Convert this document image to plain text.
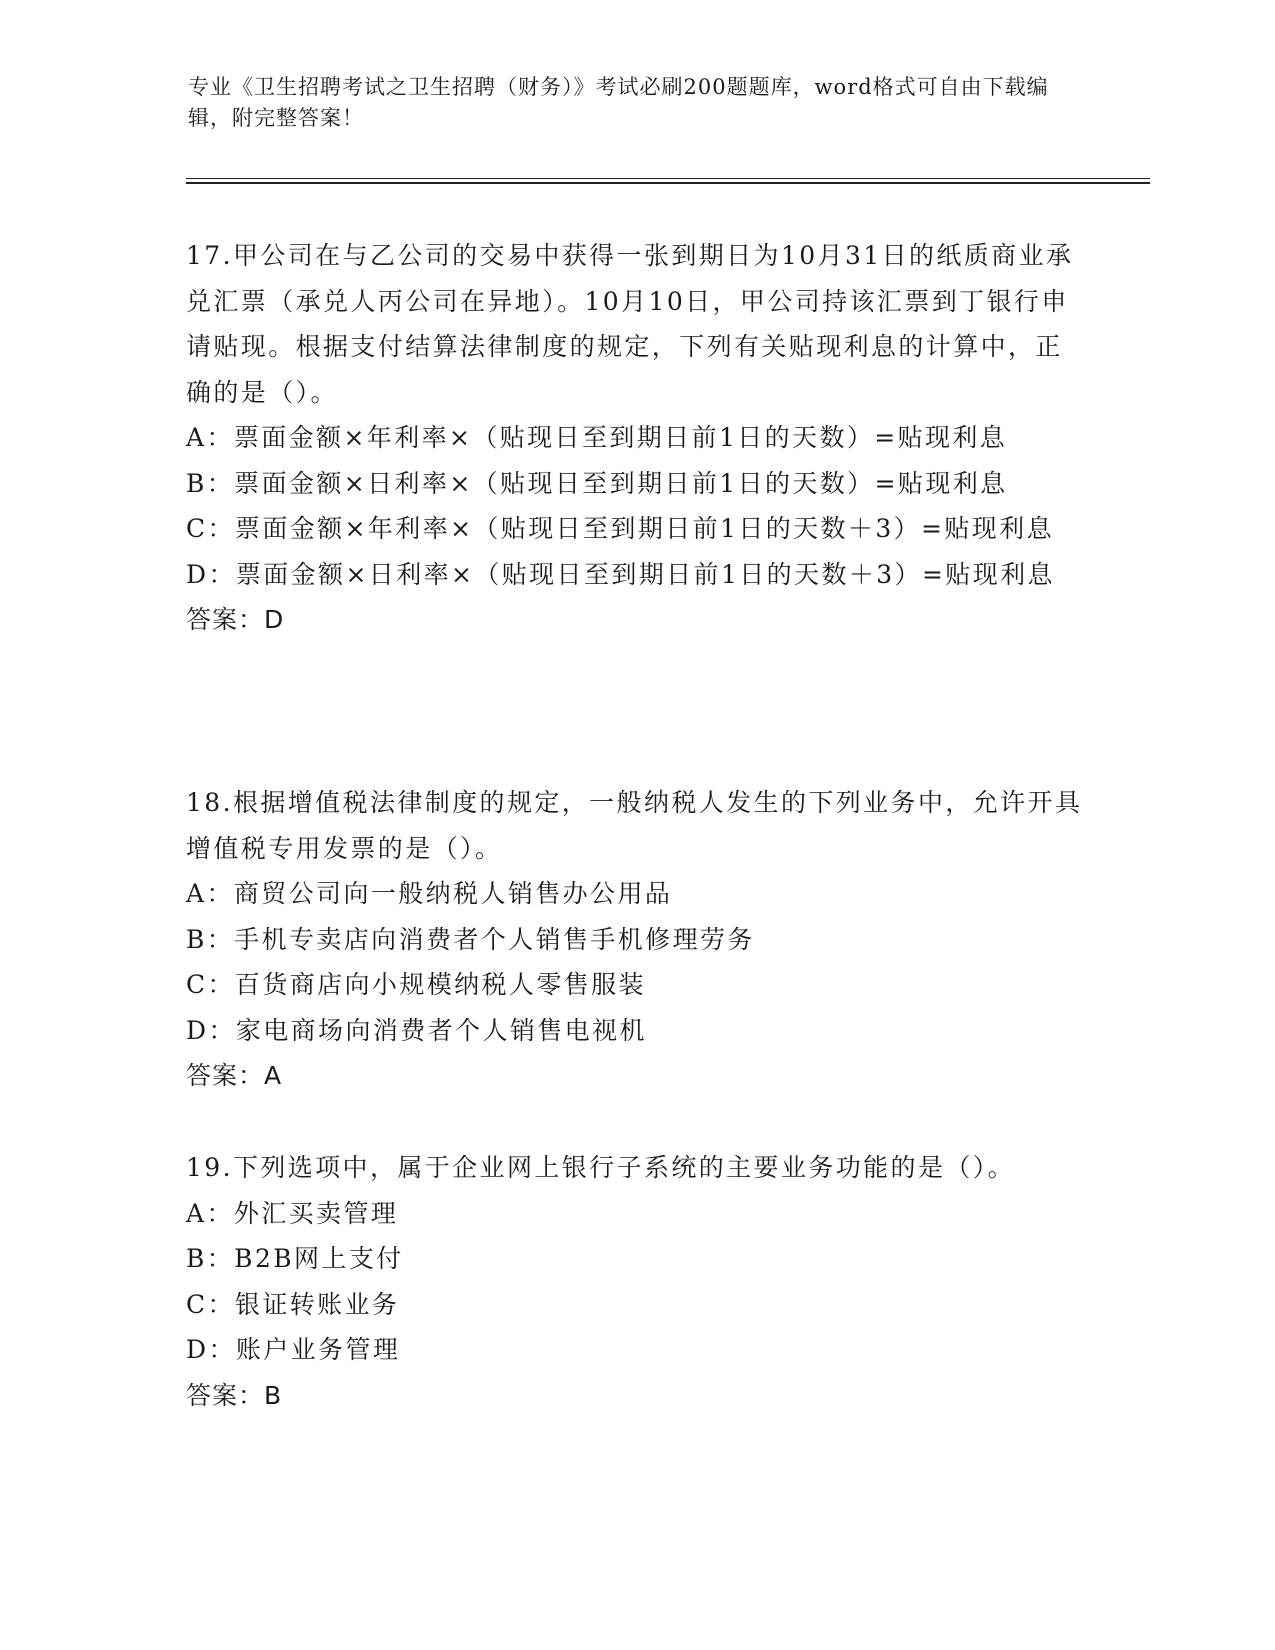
专业《卫生招聘考试之卫生招聘（财务）》考试必刷200题题库，word格式可自由下载编辑，附完整答案！

17.甲公司在与乙公司的交易中获得一张到期日为10月31日的纸质商业承兑汇票（承兑人丙公司在异地）。10月10日，甲公司持该汇票到丁银行申请贴现。根据支付结算法律制度的规定，下列有关贴现利息的计算中，正确的是（）。

A：票面金额×年利率×（贴现日至到期日前1日的天数）=贴现利息

B：票面金额×日利率×（贴现日至到期日前1日的天数）=贴现利息

C：票面金额×年利率×（贴现日至到期日前1日的天数＋3）=贴现利息

D：票面金额×日利率×（贴现日至到期日前1日的天数＋3）=贴现利息

答案：D

18.根据增值税法律制度的规定，一般纳税人发生的下列业务中，允许开具增值税专用发票的是（）。

A：商贸公司向一般纳税人销售办公用品

B：手机专卖店向消费者个人销售手机修理劳务

C：百货商店向小规模纳税人零售服装

D：家电商场向消费者个人销售电视机

答案：A

19.下列选项中，属于企业网上银行子系统的主要业务功能的是（）。

A：外汇买卖管理

B：B2B网上支付

C：银证转账业务

D：账户业务管理

答案：B
